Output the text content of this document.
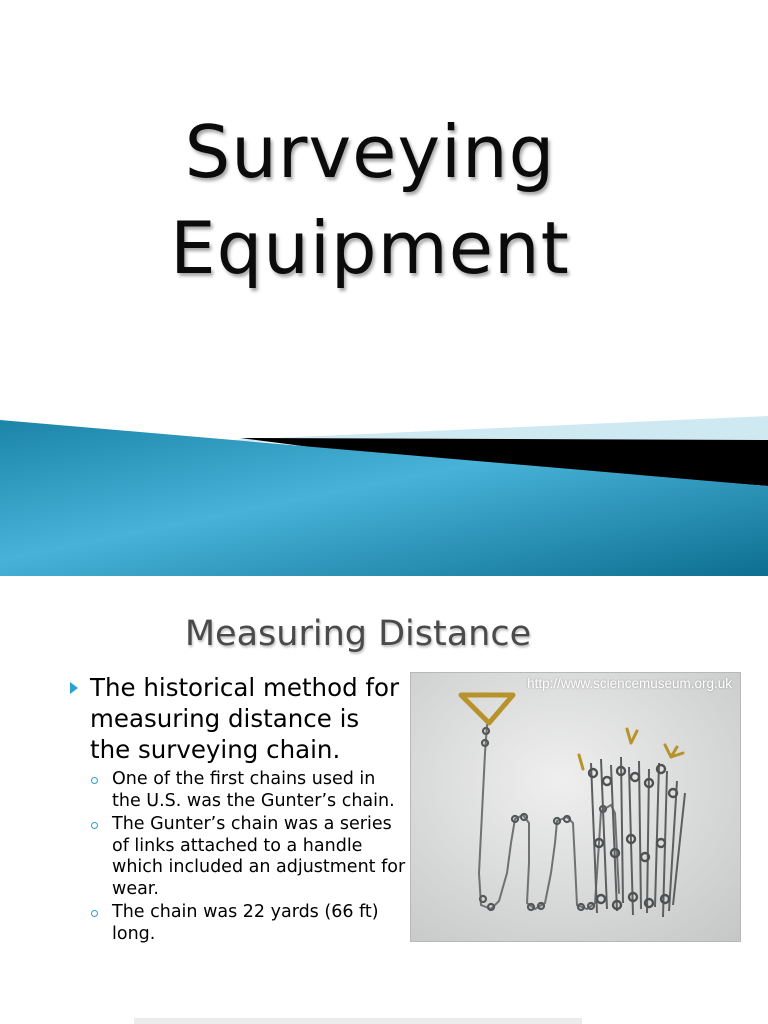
Surveying
Equipment
Measuring Distance
The historical method for measuring distance is the surveying chain.
One of the first chains used in the U.S. was the Gunter’s chain.
The Gunter’s chain was a series of links attached to a handle which included an adjustment for wear.
The chain was 22 yards (66 ft) long.
http://www.sciencemuseum.org.uk
